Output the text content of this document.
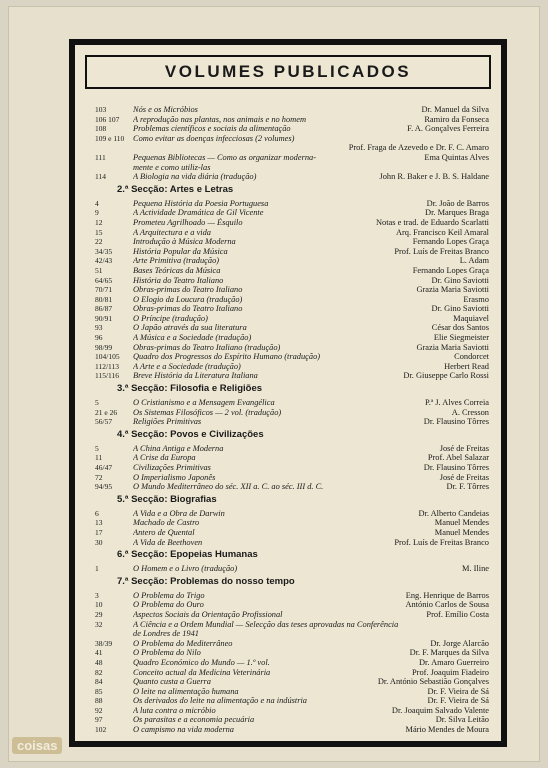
VOLUMES PUBLICADOS
103	Nós e os Micróbios	Dr. Manuel da Silva
106 107	A reprodução nas plantas, nos animais e no homem	Ramiro da Fonseca
108	Problemas científicos e sociais da alimentação	F. A. Gonçalves Ferreira
109 e 110	Como evitar as doenças infecciosas (2 volumes)
Prof. Fraga de Azevedo e Dr. F. C. Amaro
111	Pequenas Bibliotecas — Como as organizar moderna-	Ema Quintas Alves
mente e como utiliz-las
114	A Biologia na vida diária (tradução)	John R. Baker e J. B. S. Haldane
2.ª Secção: Artes e Letras
4	Pequena História da Poesia Portuguesa	Dr. João de Barros
9	A Actividade Dramática de Gil Vicente	Dr. Marques Braga
12	Prometeu Agrilhoado — Ésquilo	Notas e trad. de Eduardo Scarlatti
15	A Arquitectura e a vida	Arq. Francisco Keil Amaral
22	Introdução à Música Moderna	Fernando Lopes Graça
34/35	História Popular da Música	Prof. Luís de Freitas Branco
42/43	Arte Primitiva (tradução)	L. Adam
51	Bases Teóricas da Música	Fernando Lopes Graça
64/65	História do Teatro Italiano	Dr. Gino Saviotti
70/71	Obras-primas do Teatro Italiano	Grazia Maria Saviotti
80/81	O Elogio da Loucura (tradução)	Erasmo
86/87	Obras-primas do Teatro Italiano	Dr. Gino Saviotti
90/91	O Príncipe (tradução)	Maquiavel
93	O Japão através da sua literatura	César dos Santos
96	A Música e a Sociedade (tradução)	Elie Siegmeister
98/99	Obras-primas do Teatro Italiano (tradução)	Grazia Maria Saviotti
104/105	Quadro dos Progressos do Espírito Humano (tradução)	Condorcet
112/113	A Arte e a Sociedade (tradução)	Herbert Read
115/116	Breve História da Literatura Italiana	Dr. Giuseppe Carlo Rossi
3.ª Secção: Filosofia e Religiões
5	O Cristianismo e a Mensagem Evangélica	P.ª J. Alves Correia
21 e 26	Os Sistemas Filosóficos — 2 vol. (tradução)	A. Cresson
56/57	Religiões Primitivas	Dr. Flausino Tôrres
4.ª Secção: Povos e Civilizações
5	A China Antiga e Moderna	José de Freitas
11	A Crise da Europa	Prof. Abel Salazar
46/47	Civilizações Primitivas	Dr. Flausino Tôrres
72	O Imperialismo Japonês	José de Freitas
94/95	O Mundo Mediterrâneo do séc. XII a. C. ao séc. III d. C.	Dr. F. Tôrres
5.ª Secção: Biografias
6	A Vida e a Obra de Darwin	Dr. Alberto Candeias
13	Machado de Castro	Manuel Mendes
17	Antero de Quental	Manuel Mendes
30	A Vida de Beethoven	Prof. Luís de Freitas Branco
6.ª Secção: Epopeias Humanas
1	O Homem e o Livro (tradução)	M. Iline
7.ª Secção: Problemas do nosso tempo
3	O Problema do Trigo	Eng. Henrique de Barros
10	O Problema do Ouro	António Carlos de Sousa
29	Aspectos Sociais da Orientação Profissional	Prof. Emílio Costa
32	A Ciência e a Ordem Mundial — Selecção das teses aprovadas na Conferência
de Londres de 1941
38/39	O Problema do Mediterrâneo	Dr. Jorge Alarcão
41	O Problema do Nilo	Dr. F. Marques da Silva
48	Quadro Económico do Mundo — 1.º vol.	Dr. Amaro Guerreiro
82	Conceito actual da Medicina Veterinária	Prof. Joaquim Fiadeiro
84	Quanto custa a Guerra	Dr. António Sebastião Gonçalves
85	O leite na alimentação humana	Dr. F. Vieira de Sá
88	Os derivados do leite na alimentação e na indústria	Dr. F. Vieira de Sá
92	A luta contra o micróbio	Dr. Joaquim Salvado Valente
97	Os parasitas e a economia pecuária	Dr. Silva Leitão
102	O campismo na vida moderna	Mário Mendes de Moura
coisas
